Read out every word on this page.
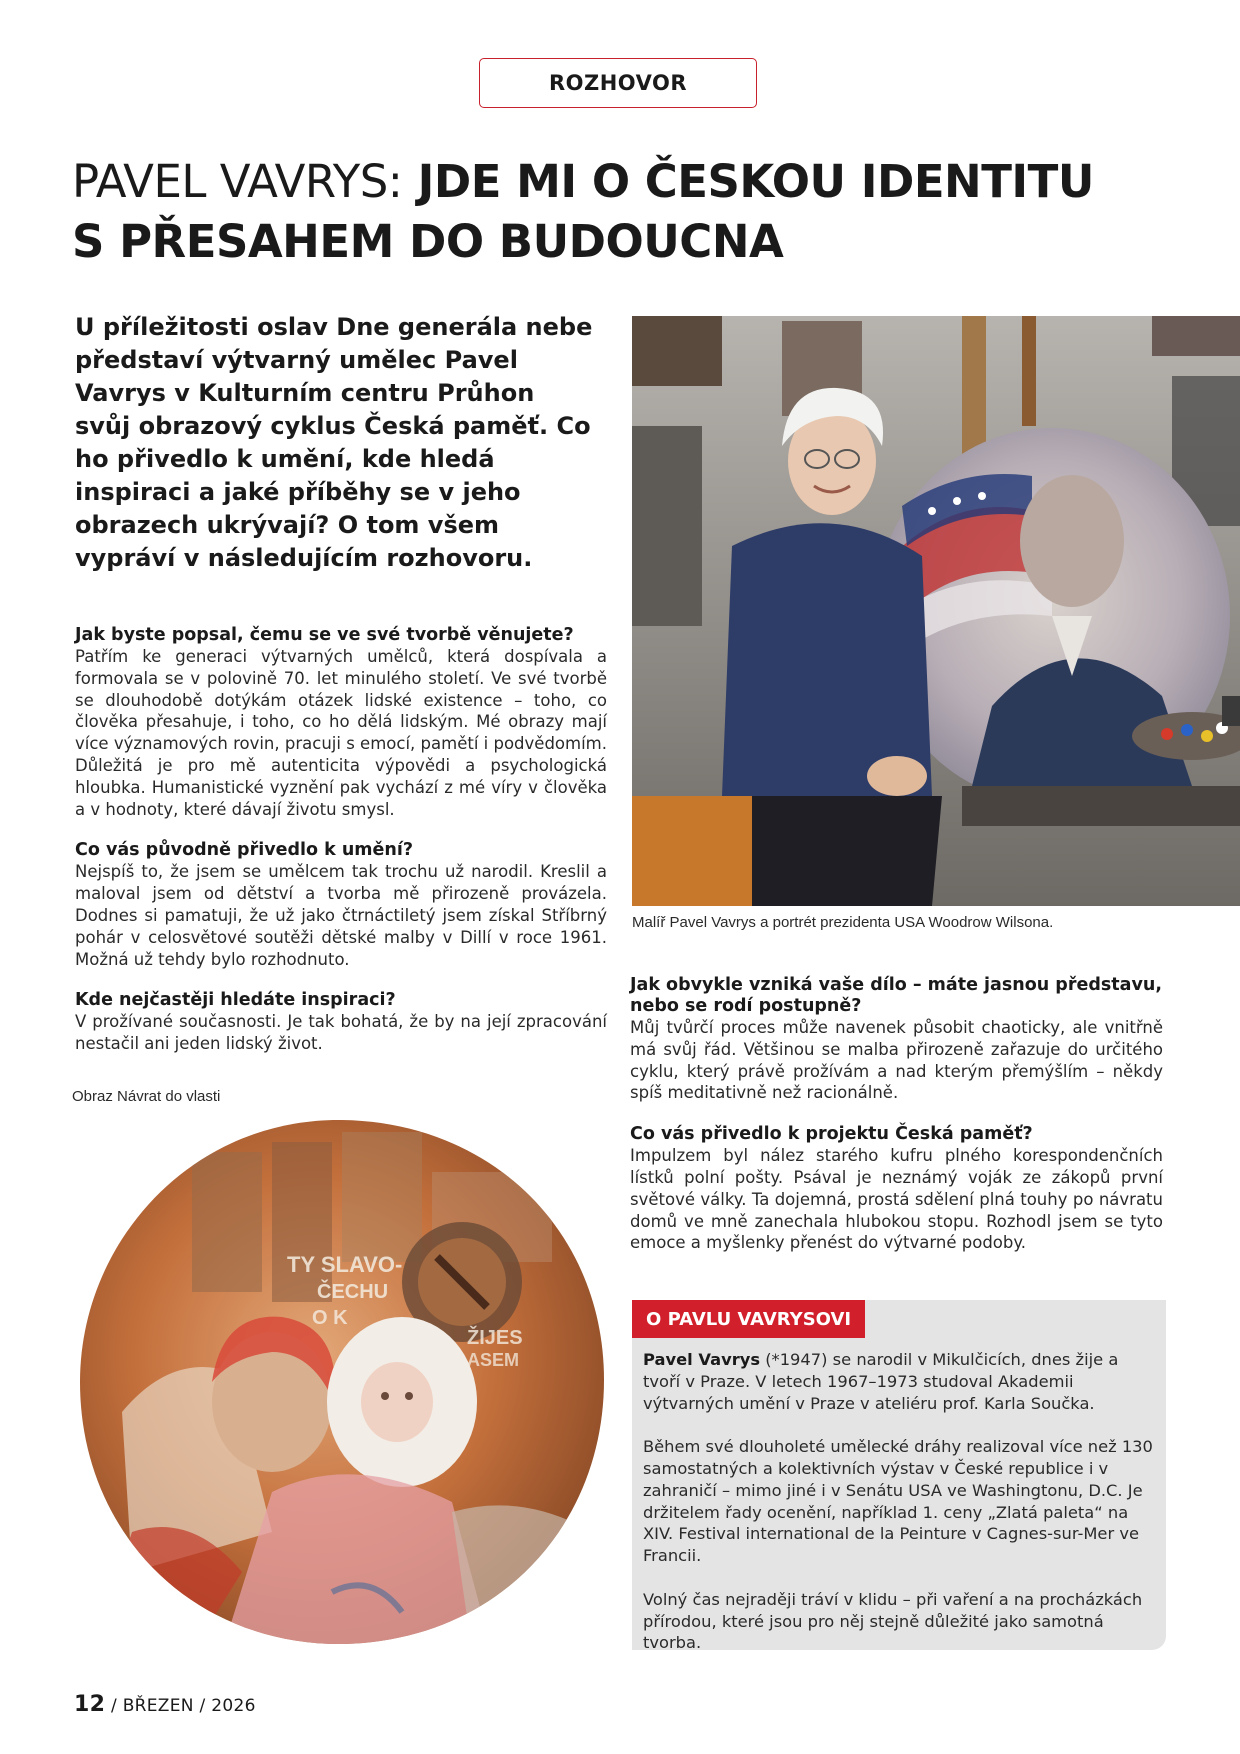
ROZHOVOR
PAVEL VAVRYS: JDE MI O ČESKOU IDENTITU
S PŘESAHEM DO BUDOUCNA

U příležitosti oslav Dne generála nebe představí výtvarný umělec Pavel Vavrys v Kulturním centru Průhon svůj obrazový cyklus Česká paměť. Co ho přivedlo k umění, kde hledá inspiraci a jaké příběhy se v jeho obrazech ukrývají? O tom všem vypráví v následujícím rozhovoru.

Jak byste popsal, čemu se ve své tvorbě věnujete?
Patřím ke generaci výtvarných umělců, která dospívala a formovala se v polovině 70. let minulého století. Ve své tvorbě se dlouhodobě dotýkám otázek lidské existence – toho, co člověka přesahuje, i toho, co ho dělá lidským. Mé obrazy mají více významových rovin, pracuji s emocí, pamětí i podvědomím. Důležitá je pro mě autenticita výpovědi a psychologická hloubka. Humanistické vyznění pak vychází z mé víry v člověka a v hodnoty, které dávají životu smysl.
Co vás původně přivedlo k umění?
Nejspíš to, že jsem se umělcem tak trochu už narodil. Kreslil a maloval jsem od dětství a tvorba mě přirozeně provázela. Dodnes si pamatuji, že už jako čtrnáctiletý jsem získal Stříbrný pohár v celosvětové soutěži dětské malby v Dillí v roce 1961. Možná už tehdy bylo rozhodnuto.
Kde nejčastěji hledáte inspiraci?
V prožívané současnosti. Je tak bohatá, že by na její zpracování nestačil ani jeden lidský život.
Malíř Pavel Vavrys a portrét prezidenta USA Woodrow Wilsona.
Obraz Návrat do vlasti
TY SLAVO-
ČECHU
O K
ŽIJES
ASEM
Jak obvykle vzniká vaše dílo – máte jasnou představu, nebo se rodí postupně?
Můj tvůrčí proces může navenek působit chaoticky, ale vnitřně má svůj řád. Většinou se malba přirozeně zařazuje do určitého cyklu, který právě prožívám a nad kterým přemýšlím – někdy spíš meditativně než racionálně.
Co vás přivedlo k projektu Česká paměť?
Impulzem byl nález starého kufru plného korespondenčních lístků polní pošty. Psával je neznámý voják ze zákopů první světové války. Ta dojemná, prostá sdělení plná touhy po návratu domů ve mně zanechala hlubokou stopu. Rozhodl jsem se tyto emoce a myšlenky přenést do výtvarné podoby.
O PAVLU VAVRYSOVI

Pavel Vavrys (*1947) se narodil v Mikulčicích, dnes žije a tvoří v Praze. V letech 1967–1973 studoval Akademii výtvarných umění v Praze v ateliéru prof. Karla Součka.

Během své dlouholeté umělecké dráhy realizoval více než 130 samostatných a kolektivních výstav v České republice i v zahraničí – mimo jiné i v Senátu USA ve Washingtonu, D.C. Je držitelem řady ocenění, například 1. ceny „Zlatá paleta“ na XIV. Festival international de la Peinture v Cagnes-sur-Mer ve Francii.

Volný čas nejraději tráví v klidu – při vaření a na procházkách přírodou, které jsou pro něj stejně důležité jako samotná tvorba.

12 / BŘEZEN / 2026
